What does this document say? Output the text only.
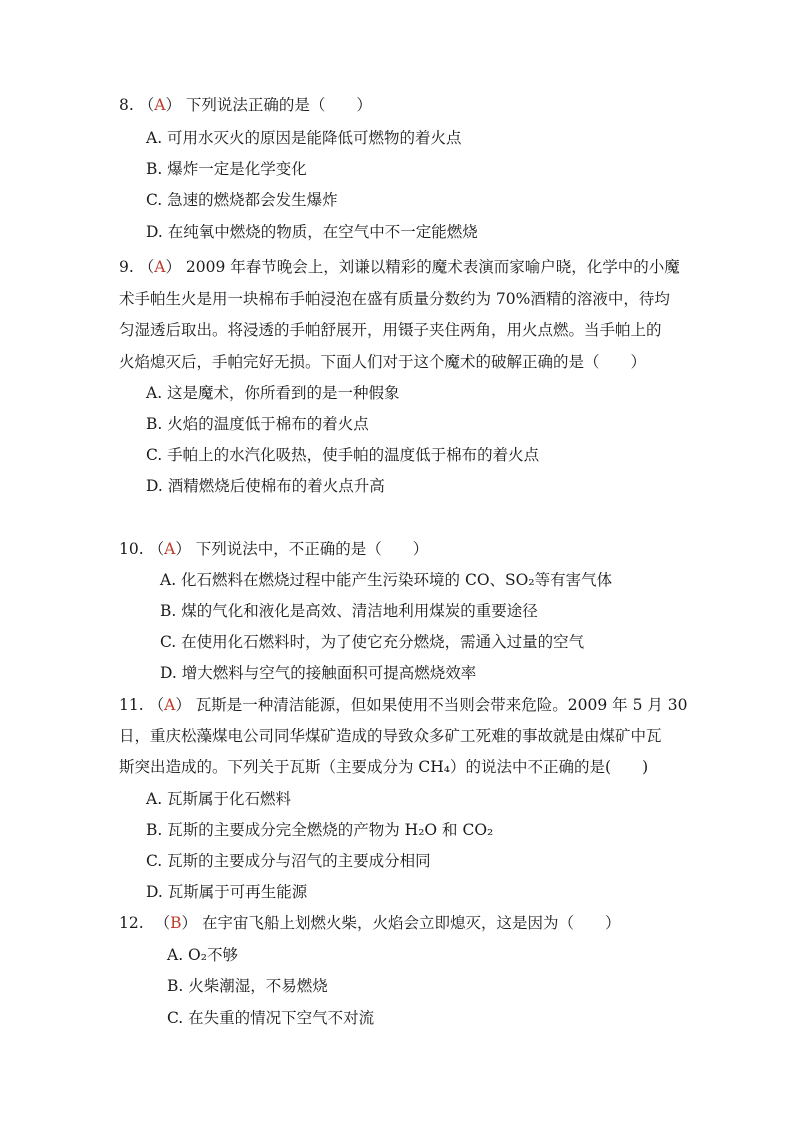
8. （A） 下列说法正确的是（　　）
A. 可用水灭火的原因是能降低可燃物的着火点
B. 爆炸一定是化学变化
C. 急速的燃烧都会发生爆炸
D. 在纯氧中燃烧的物质，在空气中不一定能燃烧
9. （A） 2009 年春节晚会上，刘谦以精彩的魔术表演而家喻户晓，化学中的小魔
术手帕生火是用一块棉布手帕浸泡在盛有质量分数约为 70%酒精的溶液中，待均
匀湿透后取出。将浸透的手帕舒展开，用镊子夹住两角，用火点燃。当手帕上的
火焰熄灭后，手帕完好无损。下面人们对于这个魔术的破解正确的是（　　）
A. 这是魔术，你所看到的是一种假象
B. 火焰的温度低于棉布的着火点
C. 手帕上的水汽化吸热，使手帕的温度低于棉布的着火点
D. 酒精燃烧后使棉布的着火点升高
10. （A） 下列说法中，不正确的是（　　）
A. 化石燃料在燃烧过程中能产生污染环境的 CO、SO₂等有害气体
B. 煤的气化和液化是高效、清洁地利用煤炭的重要途径
C. 在使用化石燃料时，为了使它充分燃烧，需通入过量的空气
D. 增大燃料与空气的接触面积可提高燃烧效率
11. （A） 瓦斯是一种清洁能源，但如果使用不当则会带来危险。2009 年 5 月 30
日，重庆松藻煤电公司同华煤矿造成的导致众多矿工死难的事故就是由煤矿中瓦
斯突出造成的。下列关于瓦斯（主要成分为 CH₄）的说法中不正确的是(　　)
A. 瓦斯属于化石燃料
B. 瓦斯的主要成分完全燃烧的产物为 H₂O 和 CO₂
C. 瓦斯的主要成分与沼气的主要成分相同
D. 瓦斯属于可再生能源
12. （B） 在宇宙飞船上划燃火柴，火焰会立即熄灭，这是因为（　　）
A. O₂不够
B. 火柴潮湿，不易燃烧
C. 在失重的情况下空气不对流
